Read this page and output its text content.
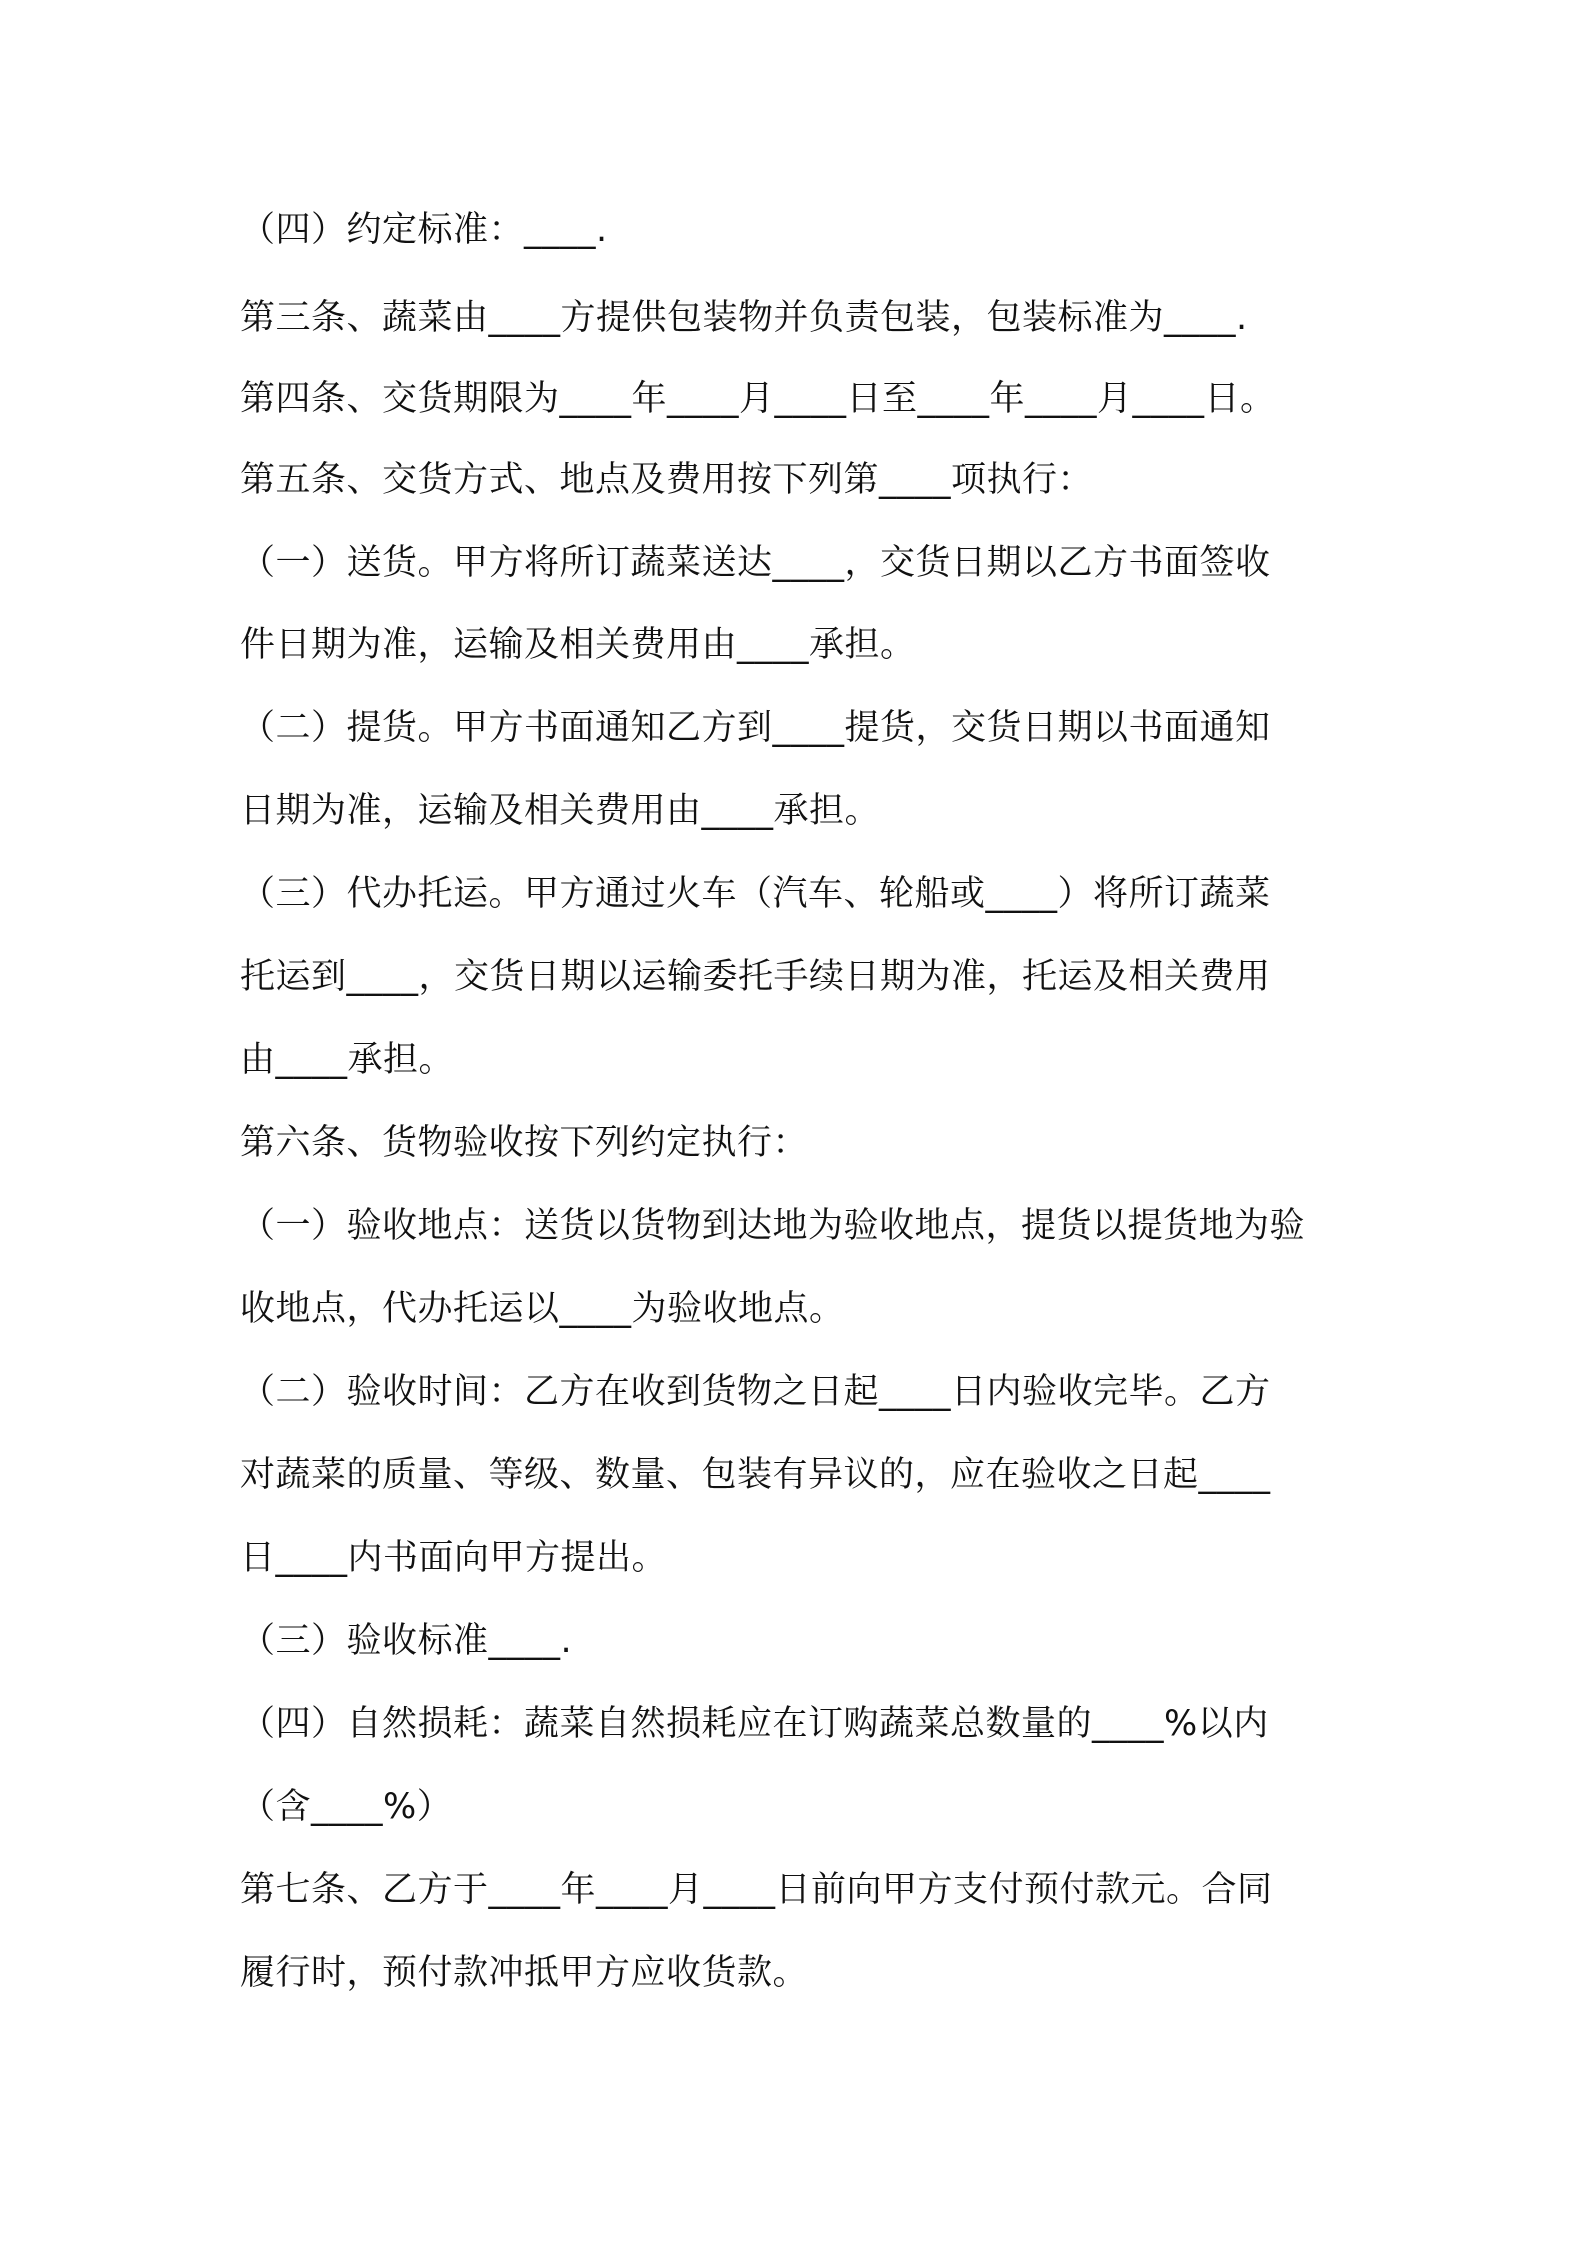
（四）约定标准：____.

第三条、蔬菜由____方提供包装物并负责包装，包装标准为____.

第四条、交货期限为____年____月____日至____年____月____日。

第五条、交货方式、地点及费用按下列第____项执行：

（一）送货。甲方将所订蔬菜送达____，交货日期以乙方书面签收

件日期为准，运输及相关费用由____承担。

（二）提货。甲方书面通知乙方到____提货，交货日期以书面通知

日期为准，运输及相关费用由____承担。

（三）代办托运。甲方通过火车（汽车、轮船或____）将所订蔬菜

托运到____，交货日期以运输委托手续日期为准，托运及相关费用

由____承担。

第六条、货物验收按下列约定执行：

（一）验收地点：送货以货物到达地为验收地点，提货以提货地为验

收地点，代办托运以____为验收地点。

（二）验收时间：乙方在收到货物之日起____日内验收完毕。乙方

对蔬菜的质量、等级、数量、包装有异议的，应在验收之日起____

日____内书面向甲方提出。

（三）验收标准____.

（四）自然损耗：蔬菜自然损耗应在订购蔬菜总数量的____%以内

（含____%）

第七条、乙方于____年____月____日前向甲方支付预付款元。合同

履行时，预付款冲抵甲方应收货款。
